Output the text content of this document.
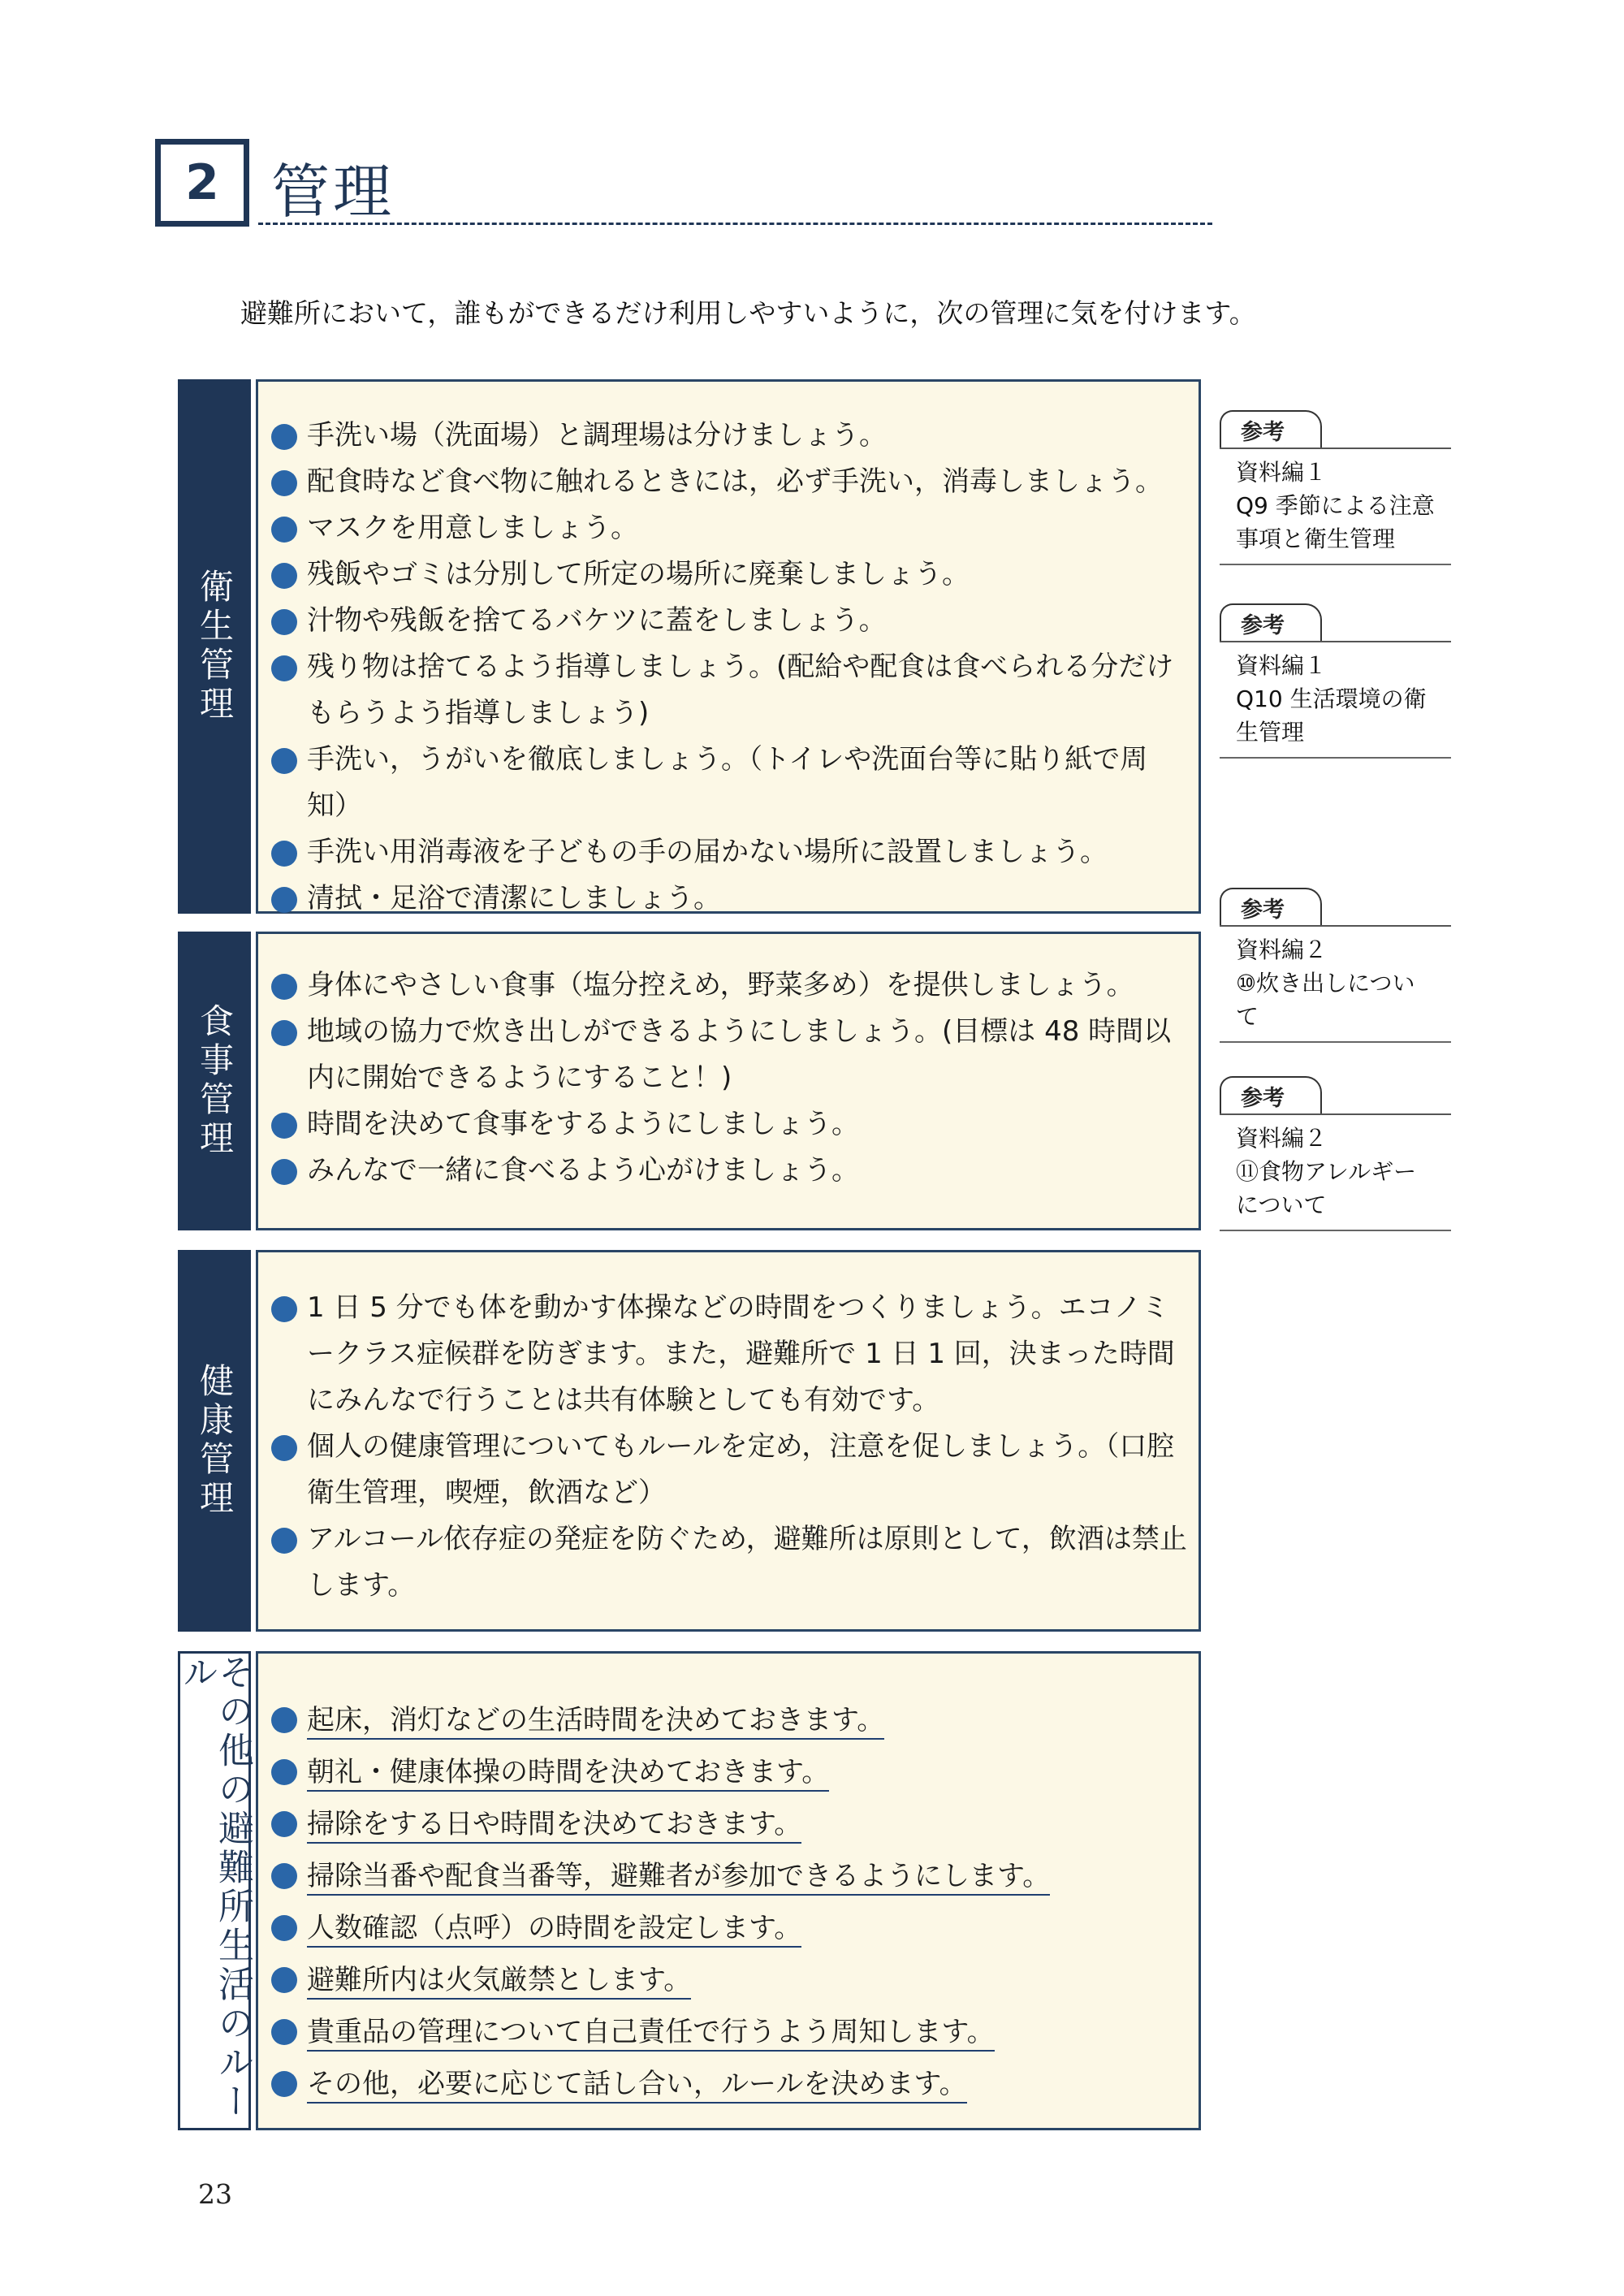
2 管理
避難所において，誰もができるだけ利用しやすいように，次の管理に気を付けます。
衛生管理
手洗い場（洗面場）と調理場は分けましょう。
配食時など食べ物に触れるときには，必ず手洗い，消毒しましょう。
マスクを用意しましょう。
残飯やゴミは分別して所定の場所に廃棄しましょう。
汁物や残飯を捨てるバケツに蓋をしましょう。
残り物は捨てるよう指導しましょう。(配給や配食は食べられる分だけもらうよう指導しましょう)
手洗い，うがいを徹底しましょう。（トイレや洗面台等に貼り紙で周知）
手洗い用消毒液を子どもの手の届かない場所に設置しましょう。
清拭・足浴で清潔にしましょう。
食事管理
身体にやさしい食事（塩分控えめ，野菜多め）を提供しましょう。
地域の協力で炊き出しができるようにしましょう。(目標は 48 時間以内に開始できるようにすること！)
時間を決めて食事をするようにしましょう。
みんなで一緒に食べるよう心がけましょう。
健康管理
1 日 5 分でも体を動かす体操などの時間をつくりましょう。エコノミークラス症候群を防ぎます。また，避難所で 1 日 1 回，決まった時間にみんなで行うことは共有体験としても有効です。
個人の健康管理についてもルールを定め，注意を促しましょう。（口腔衛生管理，喫煙，飲酒など）
アルコール依存症の発症を防ぐため，避難所は原則として，飲酒は禁止します。
その他の避難所生活のルール
起床，消灯などの生活時間を決めておきます。
朝礼・健康体操の時間を決めておきます。
掃除をする日や時間を決めておきます。
掃除当番や配食当番等，避難者が参加できるようにします。
人数確認（点呼）の時間を設定します。
避難所内は火気厳禁とします。
貴重品の管理について自己責任で行うよう周知します。
その他，必要に応じて話し合い，ルールを決めます。
参考
資料編１
Q9 季節による注意
事項と衛生管理
参考
資料編１
Q10 生活環境の衛
生管理
参考
資料編２
⑩炊き出しについ
て
参考
資料編２
⑪食物アレルギー
について
23
